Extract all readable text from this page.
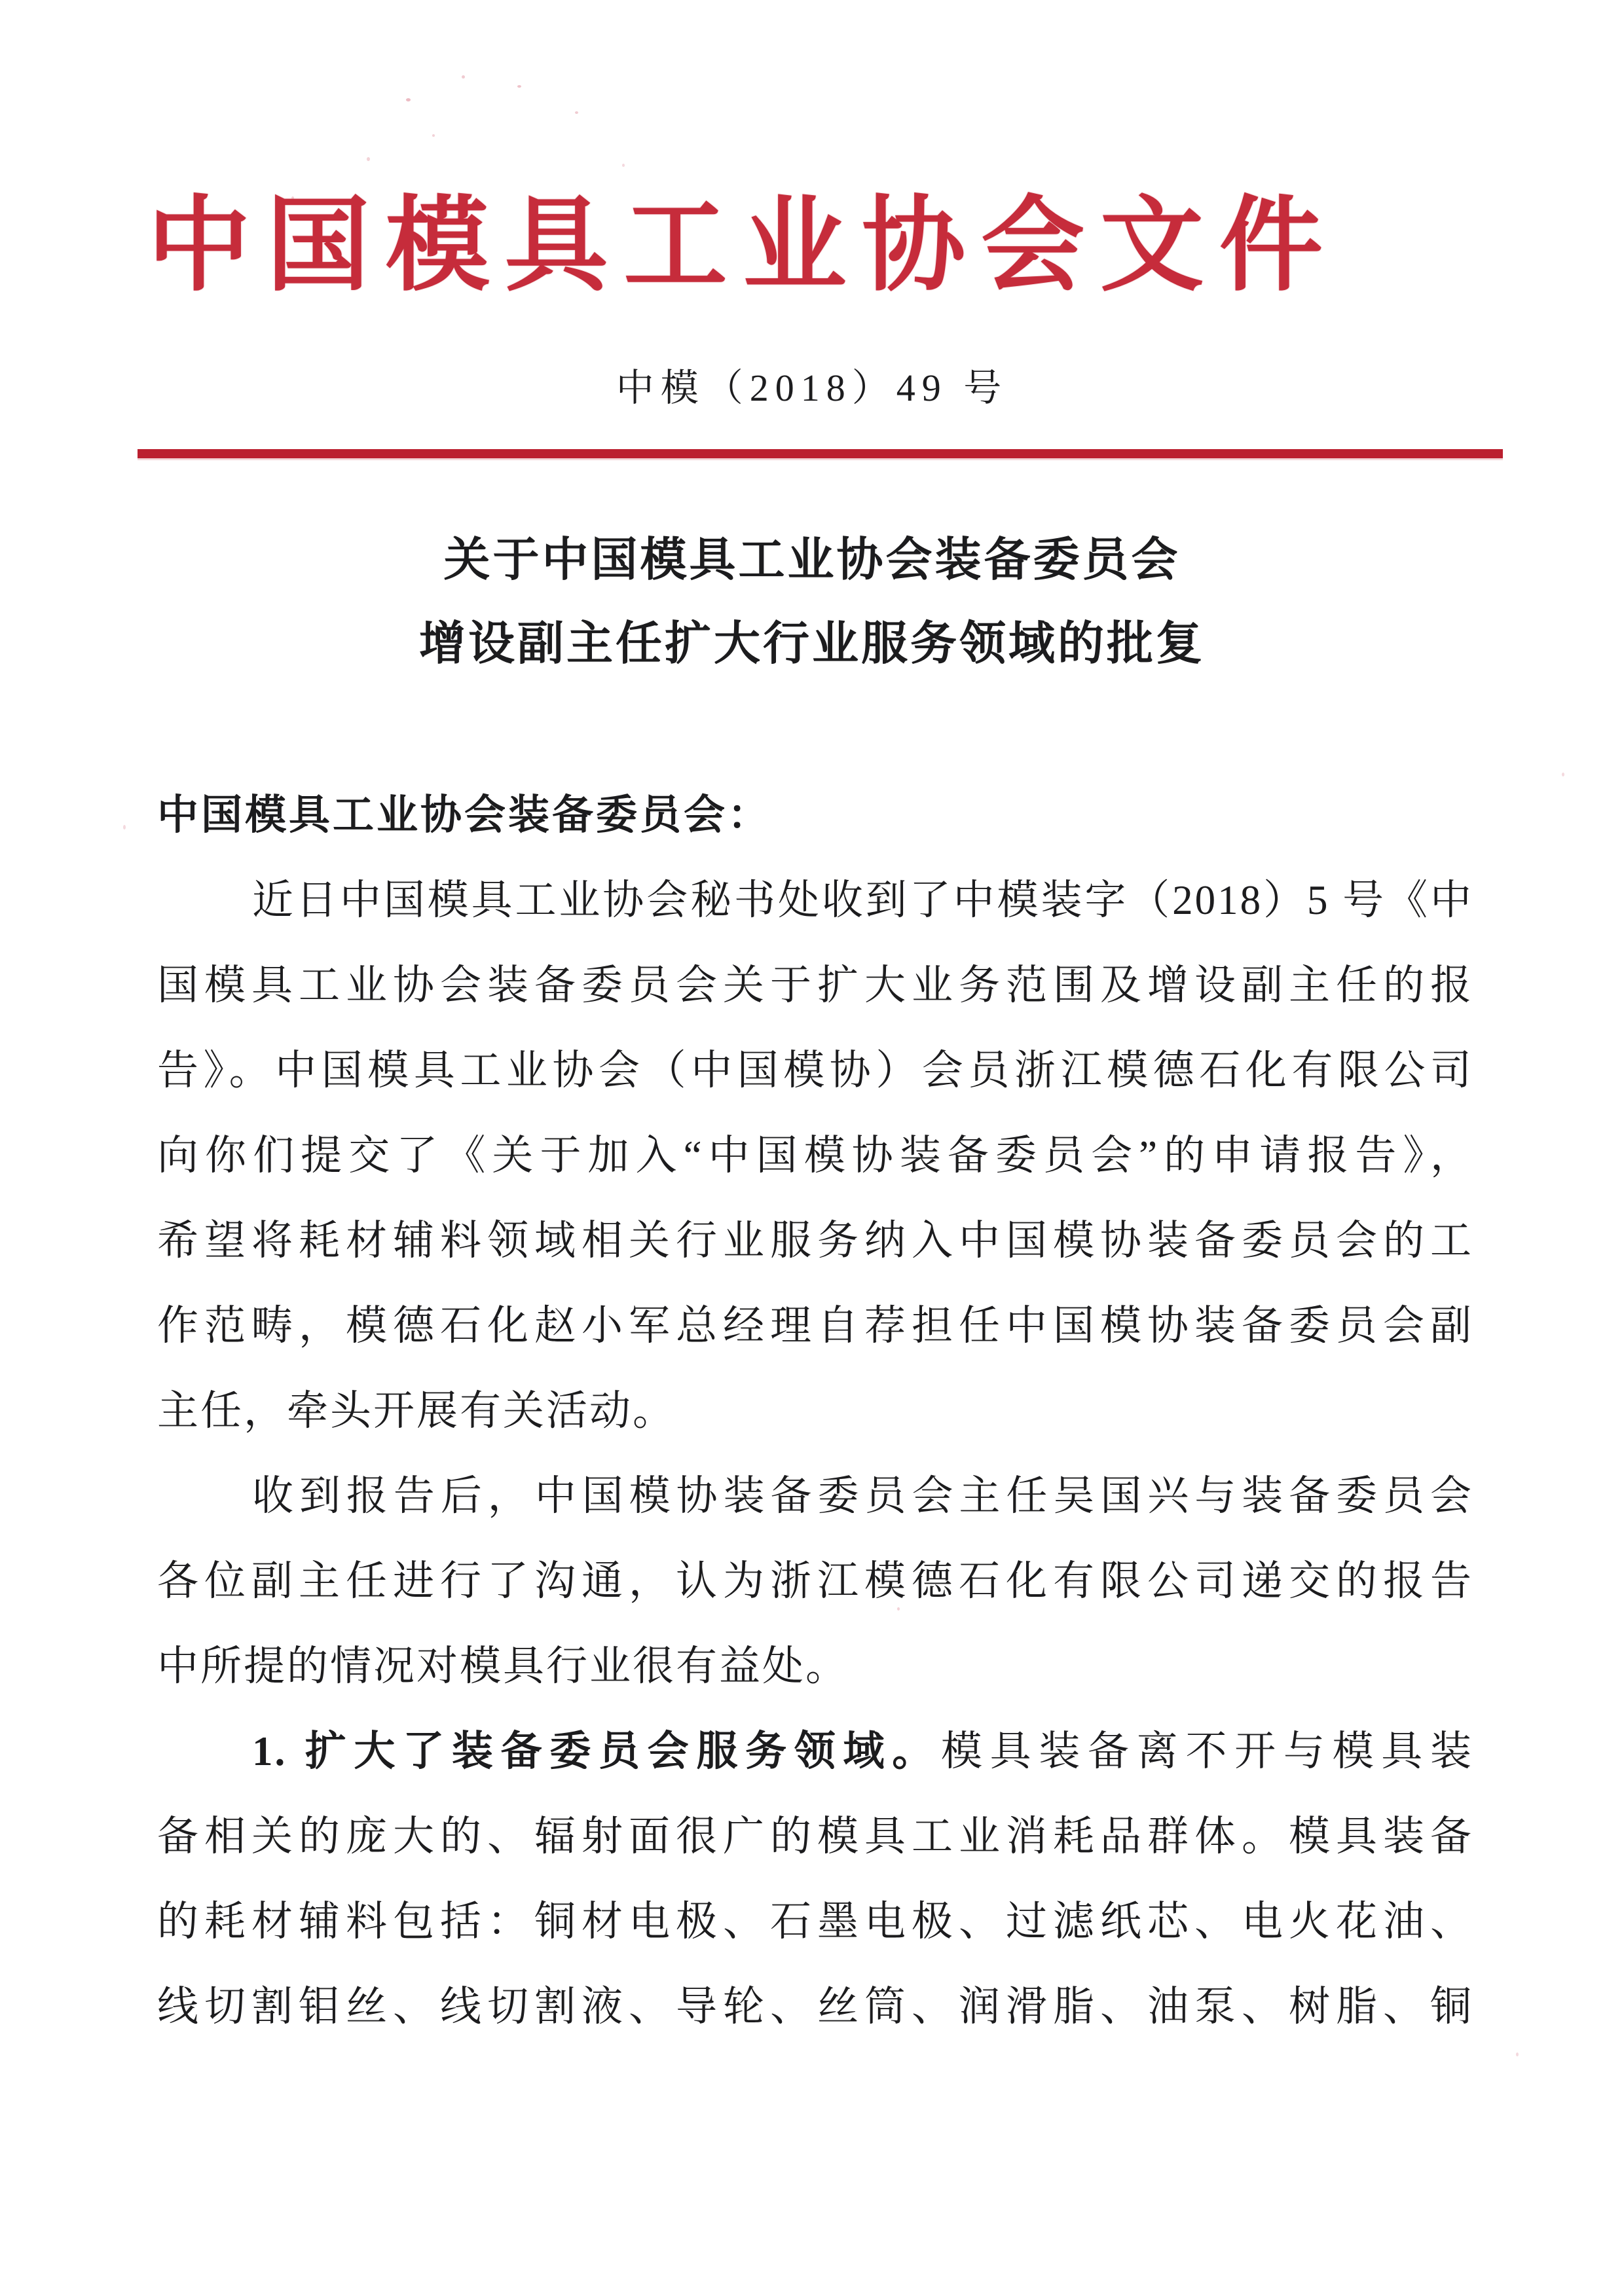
中 国 模 具 工 业 协 会 文 件
中模（2018）49 号
关于中国模具工业协会装备委员会
增设副主任扩大行业服务领域的批复
中国模具工业协会装备委员会：
近日中国模具工业协会秘书处收到了中模装字（2018）5 号《中
国模具工业协会装备委员会关于扩大业务范围及增设副主任的报
告》。中国模具工业协会（中国模协）会员浙江模德石化有限公司
向你们提交了《关于加入“中国模协装备委员会”的申请报告》，
希望将耗材辅料领域相关行业服务纳入中国模协装备委员会的工
作范畴，模德石化赵小军总经理自荐担任中国模协装备委员会副
主任，牵头开展有关活动。
收到报告后，中国模协装备委员会主任吴国兴与装备委员会
各位副主任进行了沟通，认为浙江模德石化有限公司递交的报告
中所提的情况对模具行业很有益处。
1. 扩大了装备委员会服务领域。模具装备离不开与模具装
备相关的庞大的、辐射面很广的模具工业消耗品群体。模具装备
的耗材辅料包括：铜材电极、石墨电极、过滤纸芯、电火花油、
线切割钼丝、线切割液、导轮、丝筒、润滑脂、油泵、树脂、铜
